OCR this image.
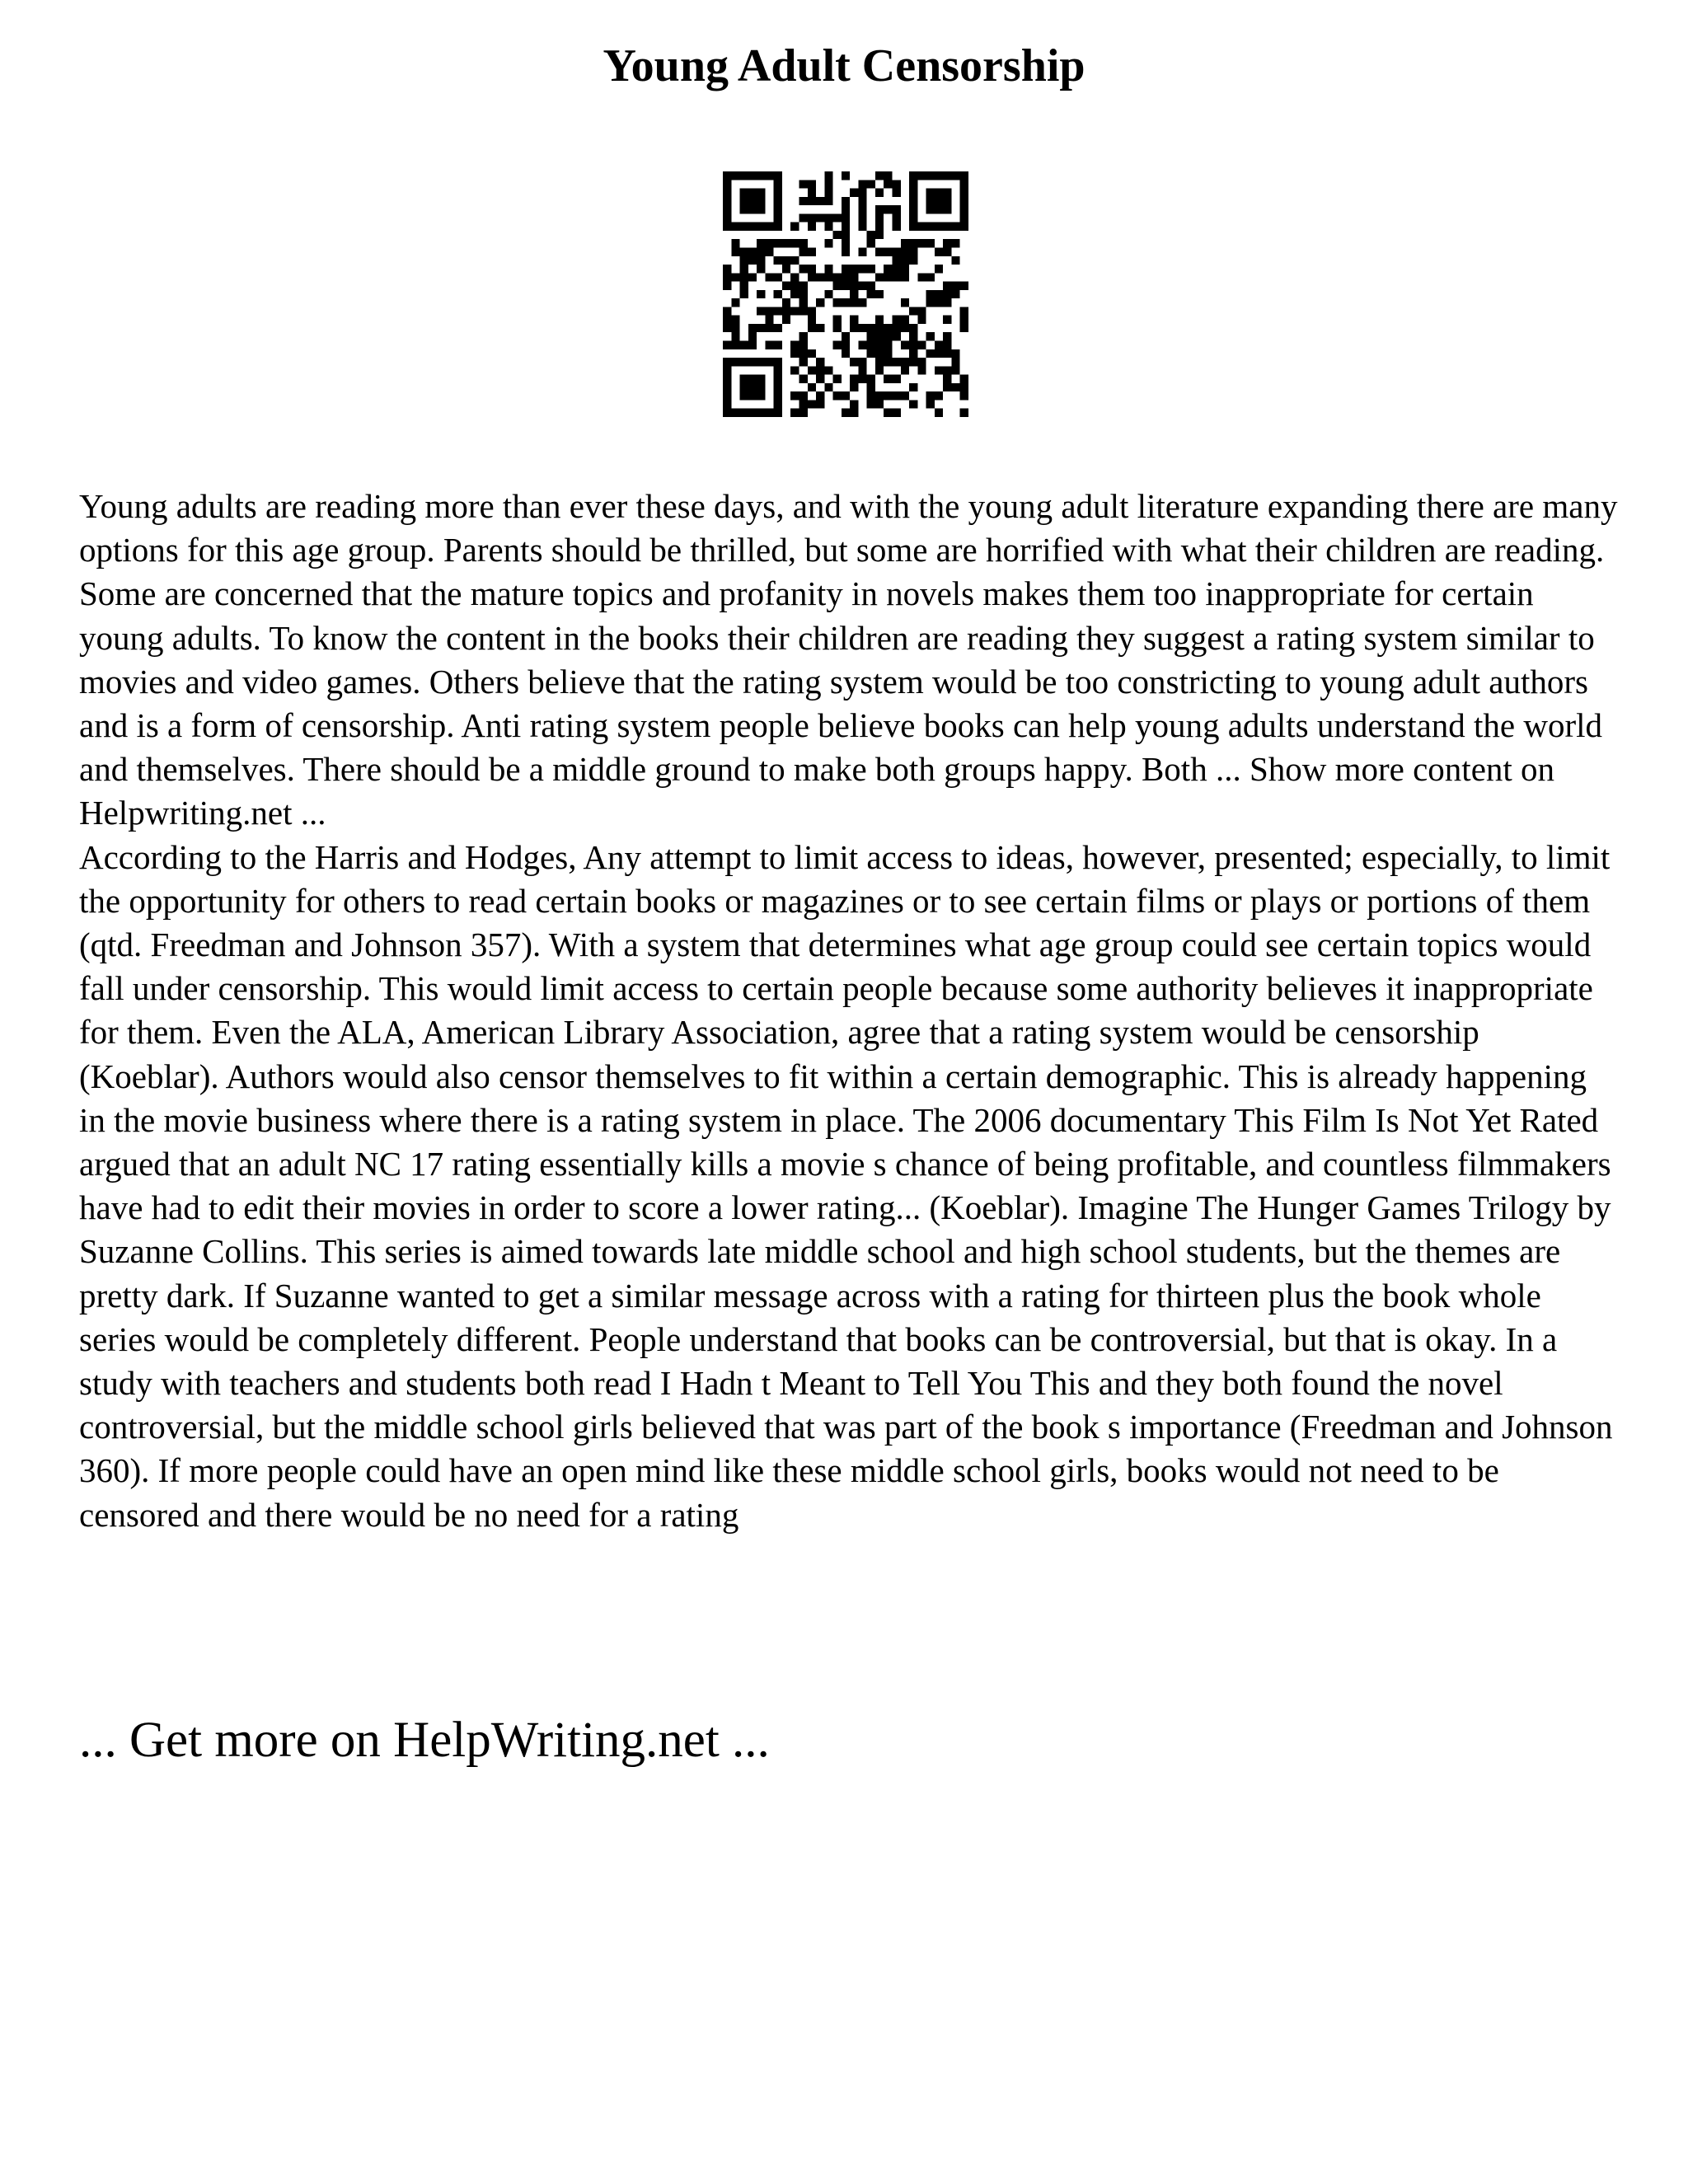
Young Adult Censorship

Young adults are reading more than ever these days, and with the young adult literature expanding there are many options for this age group. Parents should be thrilled, but some are horrified with what their children are reading. Some are concerned that the mature topics and profanity in novels makes them too inappropriate for certain young adults. To know the content in the books their children are reading they suggest a rating system similar to movies and video games. Others believe that the rating system would be too constricting to young adult authors and is a form of censorship. Anti rating system people believe books can help young adults understand the world and themselves. There should be a middle ground to make both groups happy. Both ... Show more content on Helpwriting.net ...

According to the Harris and Hodges, Any attempt to limit access to ideas, however, presented; especially, to limit the opportunity for others to read certain books or magazines or to see certain films or plays or portions of them (qtd. Freedman and Johnson 357). With a system that determines what age group could see certain topics would fall under censorship. This would limit access to certain people because some authority believes it inappropriate for them. Even the ALA, American Library Association, agree that a rating system would be censorship (Koeblar). Authors would also censor themselves to fit within a certain demographic. This is already happening in the movie business where there is a rating system in place. The 2006 documentary This Film Is Not Yet Rated argued that an adult NC 17 rating essentially kills a movie s chance of being profitable, and countless filmmakers have had to edit their movies in order to score a lower rating... (Koeblar). Imagine The Hunger Games Trilogy by Suzanne Collins. This series is aimed towards late middle school and high school students, but the themes are pretty dark. If Suzanne wanted to get a similar message across with a rating for thirteen plus the book whole series would be completely different. People understand that books can be controversial, but that is okay. In a study with teachers and students both read I Hadn t Meant to Tell You This and they both found the novel controversial, but the middle school girls believed that was part of the book s importance (Freedman and Johnson 360). If more people could have an open mind like these middle school girls, books would not need to be censored and there would be no need for a rating

... Get more on HelpWriting.net ...
